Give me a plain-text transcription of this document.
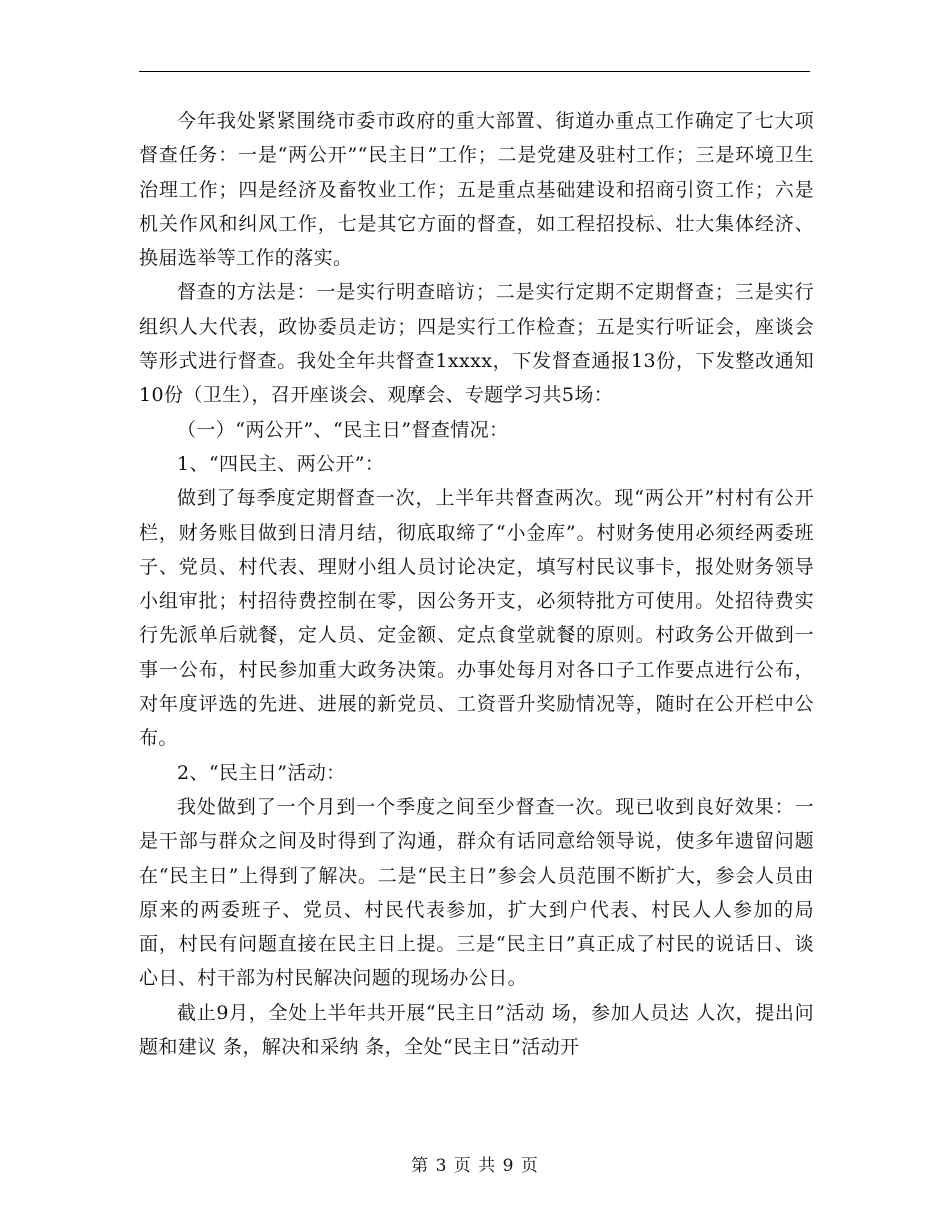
今年我处紧紧围绕市委市政府的重大部置、街道办重点工作确定了七大项督查任务：一是“两公开”“民主日”工作；二是党建及驻村工作；三是环境卫生治理工作；四是经济及畜牧业工作；五是重点基础建设和招商引资工作；六是机关作风和纠风工作，七是其它方面的督查，如工程招投标、壮大集体经济、换届选举等工作的落实。

督查的方法是：一是实行明查暗访；二是实行定期不定期督查；三是实行组织人大代表，政协委员走访；四是实行工作检查；五是实行听证会，座谈会等形式进行督查。我处全年共督查1xxxx，下发督查通报13份，下发整改通知10份（卫生），召开座谈会、观摩会、专题学习共5场：

（一）“两公开”、“民主日”督查情况：

1、“四民主、两公开”：

做到了每季度定期督查一次，上半年共督查两次。现“两公开”村村有公开栏，财务账目做到日清月结，彻底取缔了“小金库”。村财务使用必须经两委班子、党员、村代表、理财小组人员讨论决定，填写村民议事卡，报处财务领导小组审批；村招待费控制在零，因公务开支，必须特批方可使用。处招待费实行先派单后就餐，定人员、定金额、定点食堂就餐的原则。村政务公开做到一事一公布，村民参加重大政务决策。办事处每月对各口子工作要点进行公布，对年度评选的先进、进展的新党员、工资晋升奖励情况等，随时在公开栏中公布。

2、“民主日”活动：

我处做到了一个月到一个季度之间至少督查一次。现已收到良好效果：一是干部与群众之间及时得到了沟通，群众有话同意给领导说，使多年遗留问题在“民主日”上得到了解决。二是“民主日”参会人员范围不断扩大，参会人员由原来的两委班子、党员、村民代表参加，扩大到户代表、村民人人参加的局面，村民有问题直接在民主日上提。三是“民主日”真正成了村民的说话日、谈心日、村干部为村民解决问题的现场办公日。

截止9月，全处上半年共开展“民主日”活动 场，参加人员达 人次，提出问题和建议 条，解决和采纳 条，全处“民主日”活动开

第 3 页 共 9 页
